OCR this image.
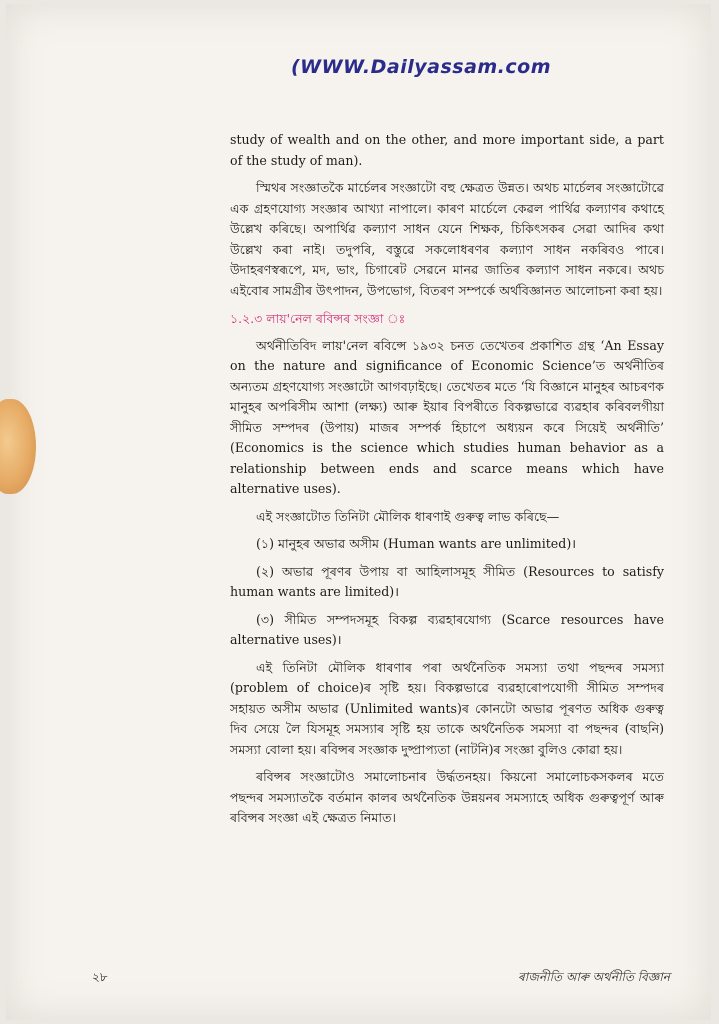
(WWW.Dailyassam.com

study of wealth and on the other, and more important side, a part of the study of man).

স্মিথৰ সংজ্ঞাতকৈ মাৰ্চেলৰ সংজ্ঞাটো বহু ক্ষেত্ৰত উন্নত। অথচ মাৰ্চেলৰ সংজ্ঞাটোৱে এক গ্ৰহণযোগ্য সংজ্ঞাৰ আখ্যা নাপালে। কাৰণ মাৰ্চেলে কেৱল পাৰ্থিৱ কল্যাণৰ কথাহে উল্লেখ কৰিছে। অপাৰ্থিৱ কল্যাণ সাধন যেনে শিক্ষক, চিকিৎসকৰ সেৱা আদিৰ কথা উল্লেখ কৰা নাই। তদুপৰি, বস্তুৱে সকলোধৰণৰ কল্যাণ সাধন নকৰিবও পাৰে। উদাহৰণস্বৰূপে, মদ, ভাং, চিগাৰেট সেৱনে মানৱ জাতিৰ কল্যাণ সাধন নকৰে। অথচ এইবোৰ সামগ্ৰীৰ উৎপাদন, উপভোগ, বিতৰণ সম্পৰ্কে অৰ্থবিজ্ঞানত আলোচনা কৰা হয়।

১.২.৩ লায়'নেল ৰবিন্সৰ সংজ্ঞা ঃ

অৰ্থনীতিবিদ লায়'নেল ৰবিন্সে ১৯৩২ চনত তেখেতৰ প্ৰকাশিত গ্ৰন্থ ‘An Essay on the nature and significance of Economic Science’ত অৰ্থনীতিৰ অন্যতম গ্ৰহণযোগ্য সংজ্ঞাটো আগবঢ়াইছে। তেখেতৰ মতে ‘যি বিজ্ঞানে মানুহৰ আচৰণক মানুহৰ অপৰিসীম আশা (লক্ষ্য) আৰু ইয়াৰ বিপৰীতে বিকল্পভাৱে ব্যৱহাৰ কৰিবলগীয়া সীমিত সম্পদৰ (উপায়) মাজৰ সম্পৰ্ক হিচাপে অধ্যয়ন কৰে সিয়েই অৰ্থনীতি’ (Economics is the science which studies human behavior as a relationship between ends and scarce means which have alternative uses).

এই সংজ্ঞাটোত তিনিটা মৌলিক ধাৰণাই গুৰুত্ব লাভ কৰিছে—

(১) মানুহৰ অভাৱ অসীম (Human wants are unlimited)।

(২) অভাৱ পূৰণৰ উপায় বা আহিলাসমূহ সীমিত (Resources to satisfy human wants are limited)।

(৩) সীমিত সম্পদসমূহ বিকল্প ব্যৱহাৰযোগ্য (Scarce resources have alternative uses)।

এই তিনিটা মৌলিক ধাৰণাৰ পৰা অৰ্থনৈতিক সমস্যা তথা পছন্দৰ সমস্যা (problem of choice)ৰ সৃষ্টি হয়। বিকল্পভাৱে ব্যৱহাৰোপযোগী সীমিত সম্পদৰ সহায়ত অসীম অভাৱ (Unlimited wants)ৰ কোনটো অভাৱ পূৰণত অধিক গুৰুত্ব দিব সেয়ে লৈ যিসমূহ সমস্যাৰ সৃষ্টি হয় তাকে অৰ্থনৈতিক সমস্যা বা পছন্দৰ (বাছনি) সমস্যা বোলা হয়। ৰবিন্সৰ সংজ্ঞাক দুষ্প্ৰাপ্যতা (নাটনি)ৰ সংজ্ঞা বুলিও কোৱা হয়।

ৰবিন্সৰ সংজ্ঞাটোও সমালোচনাৰ উৰ্দ্ধতনহয়। কিয়নো সমালোচকসকলৰ মতে পছন্দৰ সমস্যাতকৈ বৰ্তমান কালৰ অৰ্থনৈতিক উন্নয়নৰ সমস্যাহে অধিক গুৰুত্বপূৰ্ণ আৰু ৰবিন্সৰ সংজ্ঞা এই ক্ষেত্ৰত নিমাত।

২৮	ৰাজনীতি আৰু অৰ্থনীতি বিজ্ঞান
